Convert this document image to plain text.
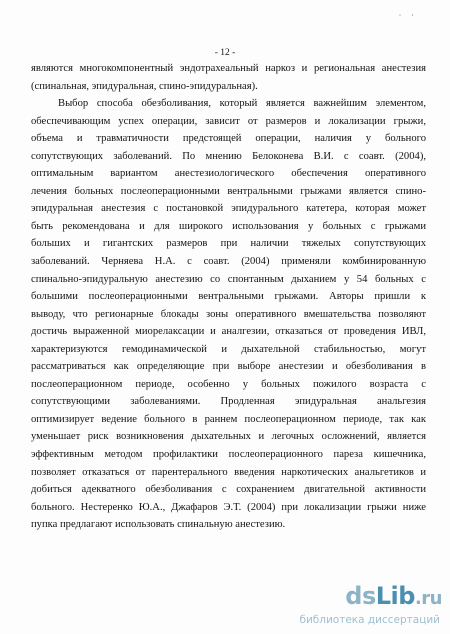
˙ ˙
- 12 -
являются многокомпонентный эндотрахеальный наркоз и региональная анестезия
(спинальная, эпидуральная, спино-эпидуральная).
Выбор способа обезболивания, который является важнейшим элементом,
обеспечивающим успех операции, зависит от размеров и локализации грыжи,
объема и травматичности предстоящей операции, наличия у больного
сопутствующих заболеваний. По мнению Белоконева В.И. с соавт. (2004),
оптимальным вариантом анестезиологического обеспечения оперативного
лечения больных послеоперационными вентральными грыжами является спино-
эпидуральная анестезия с постановкой эпидурального катетера, которая может
быть рекомендована и для широкого использования у больных с грыжами
больших и гигантских размеров при наличии тяжелых сопутствующих
заболеваний. Черняева Н.А. с соавт. (2004) применяли комбинированную
спинально-эпидуральную анестезию со спонтанным дыханием у 54 больных с
большими послеоперационными вентральными грыжами. Авторы пришли к
выводу, что регионарные блокады зоны оперативного вмешательства позволяют
достичь выраженной миорелаксации и аналгезии, отказаться от проведения ИВЛ,
характеризуются гемодинамической и дыхательной стабильностью, могут
рассматриваться как определяющие при выборе анестезии и обезболивания в
послеоперационном периоде, особенно у больных пожилого возраста с
сопутствующими заболеваниями. Продленная эпидуральная анальгезия
оптимизирует ведение больного в раннем послеоперационном периоде, так как
уменьшает риск возникновения дыхательных и легочных осложнений, является
эффективным методом профилактики послеоперационного пареза кишечника,
позволяет отказаться от парентерального введения наркотических анальгетиков и
добиться адекватного обезболивания с сохранением двигательной активности
больного. Нестеренко Ю.А., Джафаров Э.Т. (2004) при локализации грыжи ниже
пупка предлагают использовать спинальную анестезию.
dsLib.ru
библиотека диссертаций
